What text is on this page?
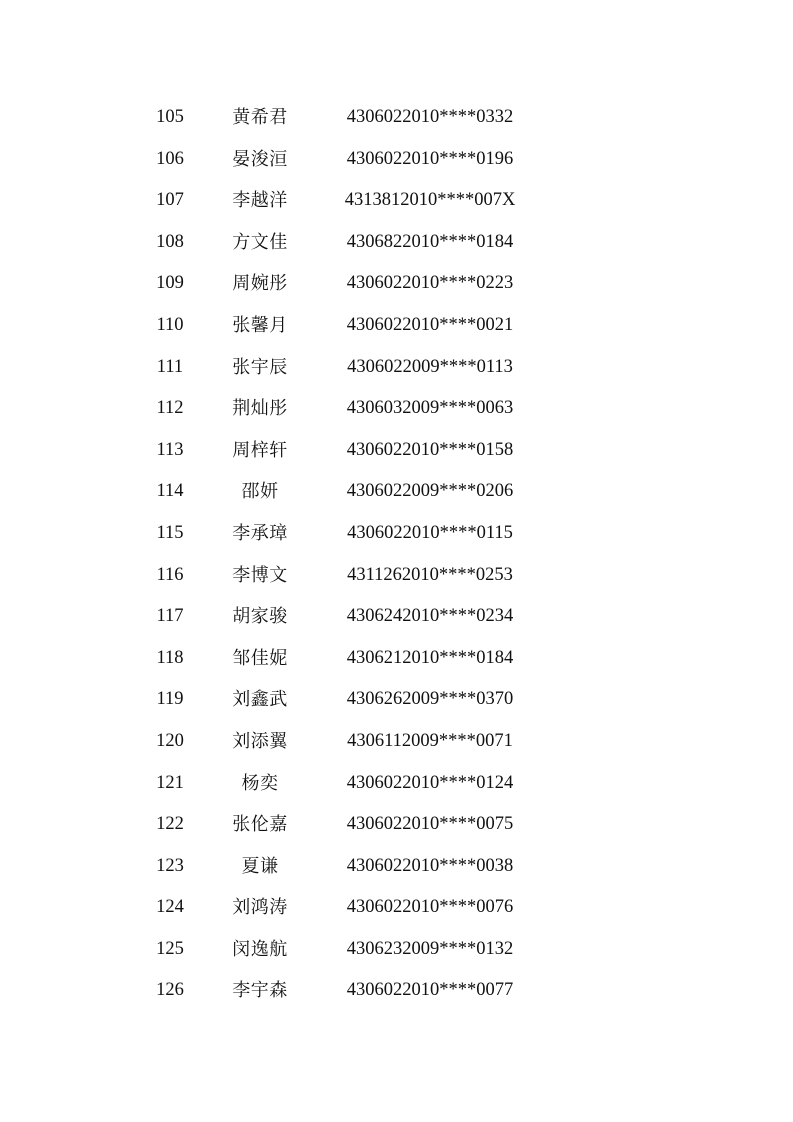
105	黄希君	4306022010****0332
106	晏浚洹	4306022010****0196
107	李越洋	4313812010****007X
108	方文佳	4306822010****0184
109	周婉彤	4306022010****0223
110	张馨月	4306022010****0021
111	张宇辰	4306022009****0113
112	荆灿彤	4306032009****0063
113	周梓轩	4306022010****0158
114	邵妍	4306022009****0206
115	李承璋	4306022010****0115
116	李博文	4311262010****0253
117	胡家骏	4306242010****0234
118	邹佳妮	4306212010****0184
119	刘鑫武	4306262009****0370
120	刘添翼	4306112009****0071
121	杨奕	4306022010****0124
122	张伦嘉	4306022010****0075
123	夏谦	4306022010****0038
124	刘鸿涛	4306022010****0076
125	闵逸航	4306232009****0132
126	李宇森	4306022010****0077
